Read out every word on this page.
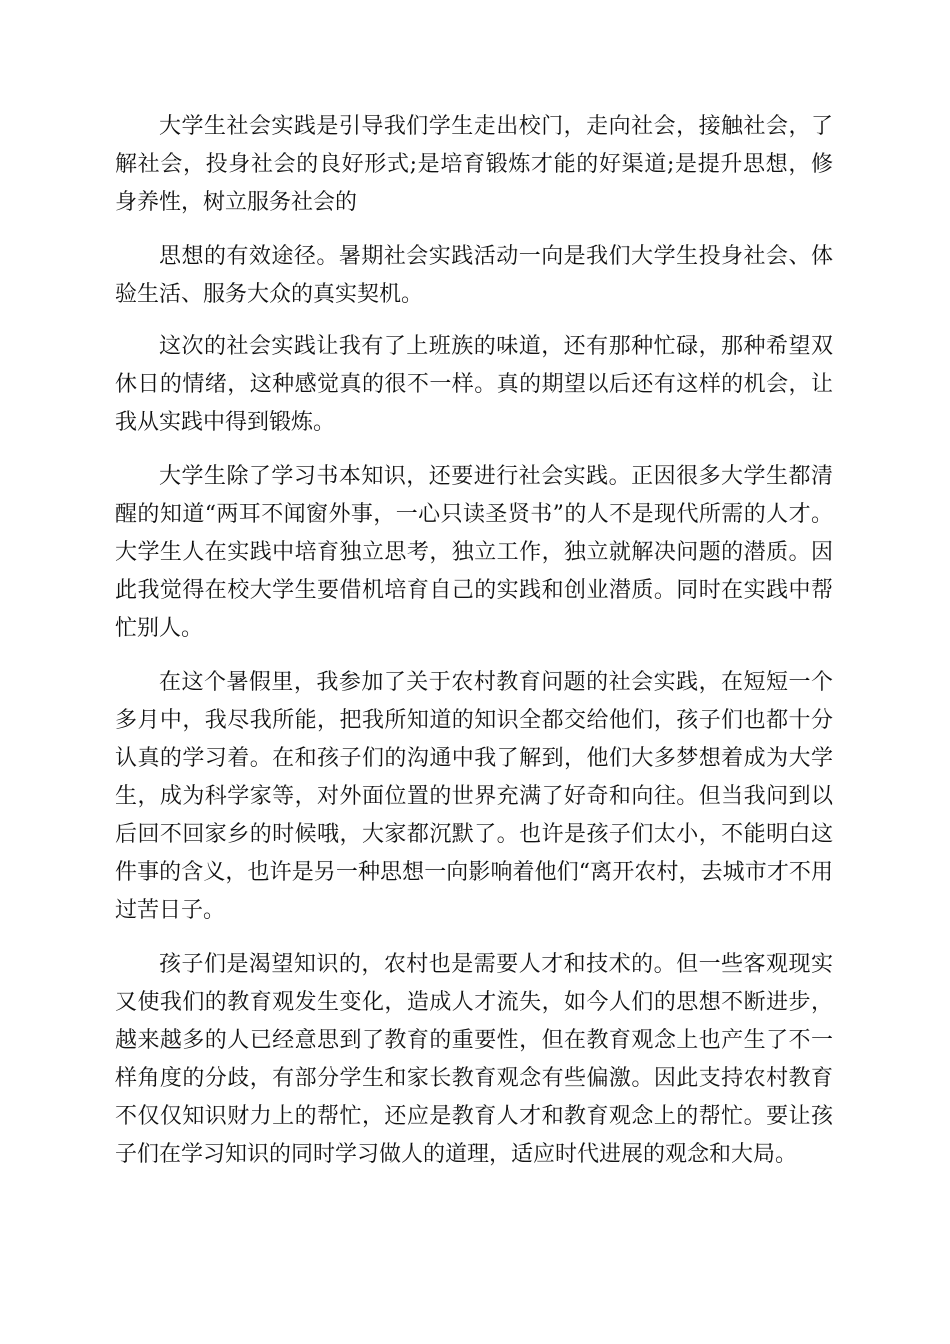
大学生社会实践是引导我们学生走出校门，走向社会，接触社会，了解社会，投身社会的良好形式;是培育锻炼才能的好渠道;是提升思想，修身养性，树立服务社会的

思想的有效途径。暑期社会实践活动一向是我们大学生投身社会、体验生活、服务大众的真实契机。

这次的社会实践让我有了上班族的味道，还有那种忙碌，那种希望双休日的情绪，这种感觉真的很不一样。真的期望以后还有这样的机会，让我从实践中得到锻炼。

大学生除了学习书本知识，还要进行社会实践。正因很多大学生都清醒的知道“两耳不闻窗外事，一心只读圣贤书”的人不是现代所需的人才。大学生人在实践中培育独立思考，独立工作，独立就解决问题的潜质。因此我觉得在校大学生要借机培育自己的实践和创业潜质。同时在实践中帮忙别人。

在这个暑假里，我参加了关于农村教育问题的社会实践，在短短一个多月中，我尽我所能，把我所知道的知识全都交给他们，孩子们也都十分认真的学习着。在和孩子们的沟通中我了解到，他们大多梦想着成为大学生，成为科学家等，对外面位置的世界充满了好奇和向往。但当我问到以后回不回家乡的时候哦，大家都沉默了。也许是孩子们太小，不能明白这件事的含义，也许是另一种思想一向影响着他们“离开农村，去城市才不用过苦日子。

孩子们是渴望知识的，农村也是需要人才和技术的。但一些客观现实又使我们的教育观发生变化，造成人才流失，如今人们的思想不断进步，越来越多的人已经意思到了教育的重要性，但在教育观念上也产生了不一样角度的分歧，有部分学生和家长教育观念有些偏激。因此支持农村教育不仅仅知识财力上的帮忙，还应是教育人才和教育观念上的帮忙。要让孩子们在学习知识的同时学习做人的道理，适应时代进展的观念和大局。
